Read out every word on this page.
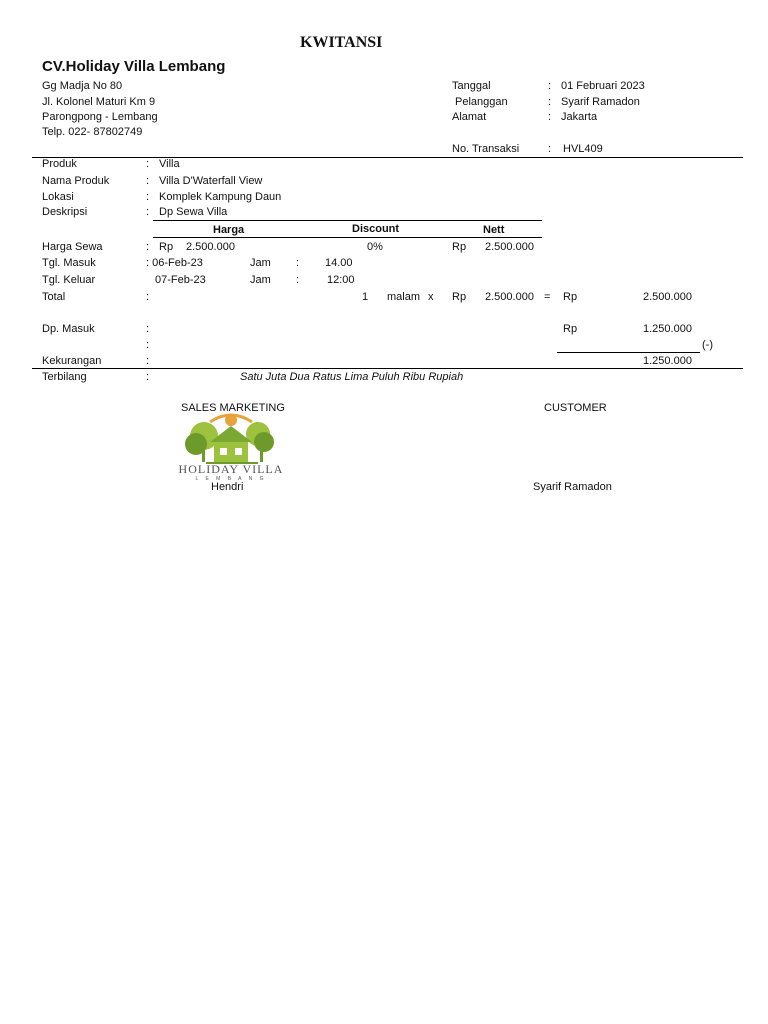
KWITANSI
CV.Holiday Villa Lembang
Gg Madja No 80
Jl. Kolonel Maturi Km 9
Parongpong - Lembang
Telp. 022- 87802749
Tanggal	: 01 Februari 2023
Pelanggan	: Syarif Ramadon
Alamat	: Jakarta
No. Transaksi	: HVL409
Produk	: Villa
Nama Produk	: Villa D'Waterfall View
Lokasi	: Komplek Kampung Daun
Deskripsi	: Dp Sewa Villa
Harga	Discount	Nett
Harga Sewa	: Rp 2.500.000	0%	Rp 2.500.000
Tgl. Masuk	: 06-Feb-23	Jam : 14.00
Tgl. Keluar	07-Feb-23	Jam :	12:00
Total	:	1 malam x Rp 2.500.000 = Rp	2.500.000
Dp. Masuk	:	Rp	1.250.000
:	(-)
Kekurangan	:	1.250.000
Terbilang	:	Satu Juta Dua Ratus Lima Puluh Ribu Rupiah
SALES MARKETING	CUSTOMER
HOLIDAY VILLA
L E M B A N G
Hendri	Syarif Ramadon
